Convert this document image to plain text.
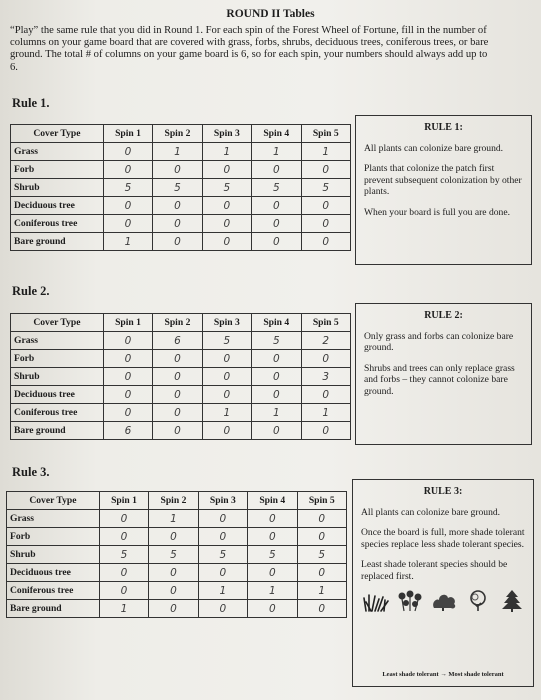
ROUND II Tables
“Play” the same rule that you did in Round 1. For each spin of the Forest Wheel of Fortune, fill in the number of columns on your game board that are covered with grass, forbs, shrubs, deciduous trees, coniferous trees, or bare ground. The total # of columns on your game board is 6, so for each spin, your numbers should always add up to 6.
Rule 1.
Cover Type	Spin 1	Spin 2	Spin 3	Spin 4	Spin 5
Grass	0	1	1	1	1
Forb	0	0	0	0	0
Shrub	5	5	5	5	5
Deciduous tree	0	0	0	0	0
Coniferous tree	0	0	0	0	0
Bare ground	1	0	0	0	0
RULE 1:

All plants can colonize bare ground.

Plants that colonize the patch first prevent subsequent colonization by other plants.

When your board is full you are done.

Rule 2.
Cover Type	Spin 1	Spin 2	Spin 3	Spin 4	Spin 5
Grass	0	6	5	5	2
Forb	0	0	0	0	0
Shrub	0	0	0	0	3
Deciduous tree	0	0	0	0	0
Coniferous tree	0	0	1	1	1
Bare ground	6	0	0	0	0
RULE 2:

Only grass and forbs can colonize bare ground.

Shrubs and trees can only replace grass and forbs – they cannot colonize bare ground.

Rule 3.
Cover Type	Spin 1	Spin 2	Spin 3	Spin 4	Spin 5
Grass	0	1	0	0	0
Forb	0	0	0	0	0
Shrub	5	5	5	5	5
Deciduous tree	0	0	0	0	0
Coniferous tree	0	0	1	1	1
Bare ground	1	0	0	0	0
RULE 3:

All plants can colonize bare ground.

Once the board is full, more shade tolerant species replace less shade tolerant species.

Least shade tolerant species should be replaced first.

Least shade tolerant → Most shade tolerant
